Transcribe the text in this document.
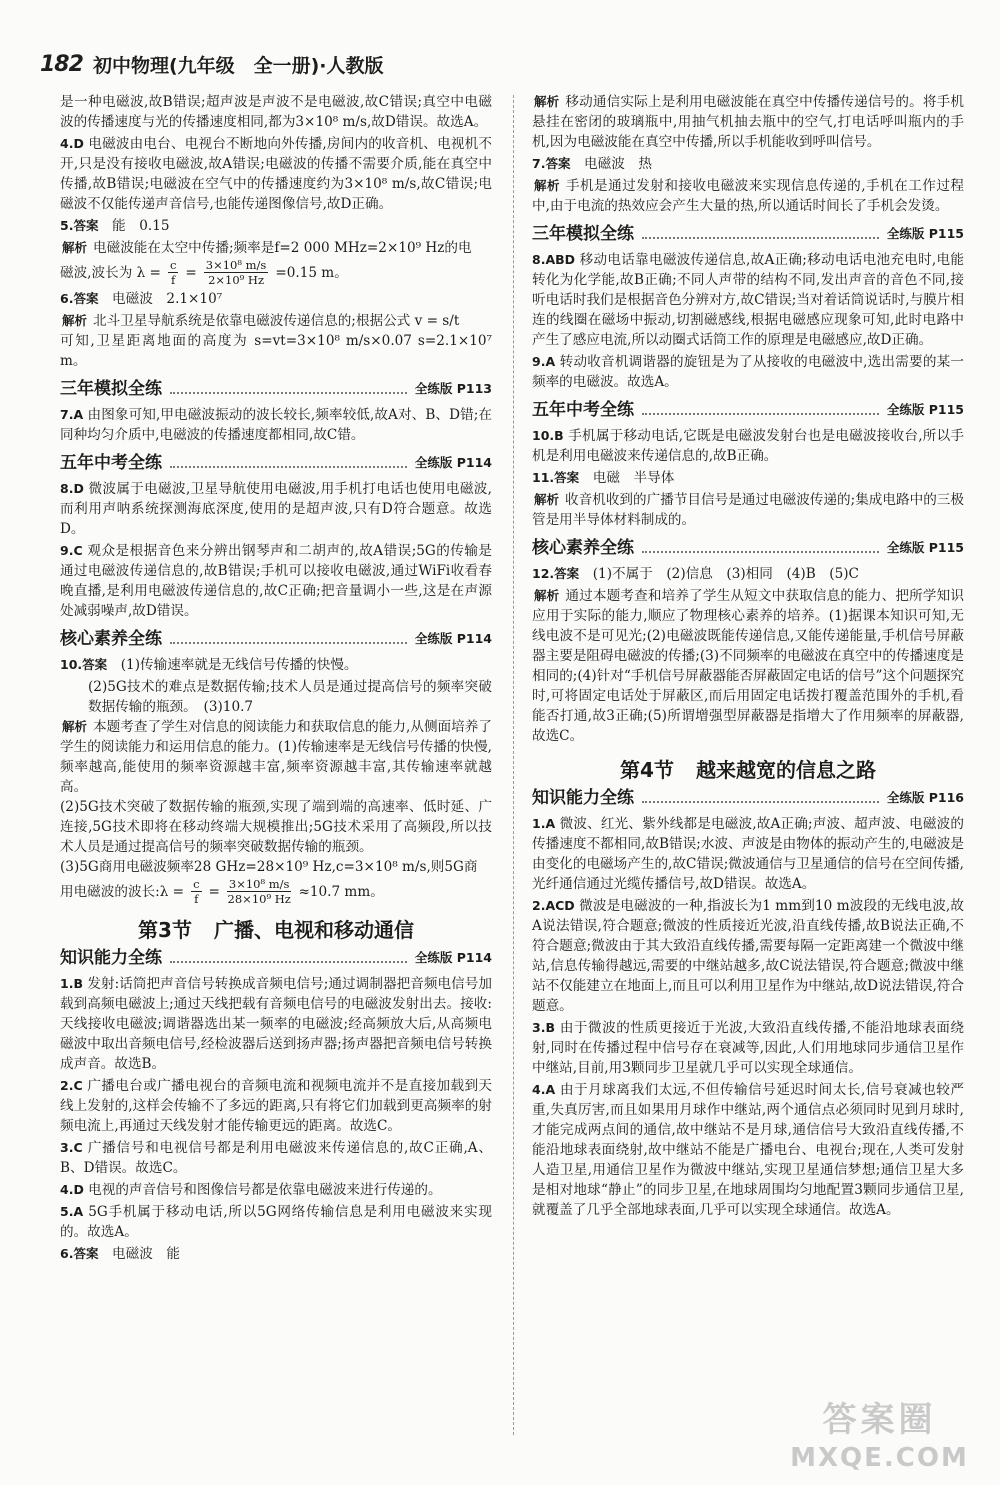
182 初中物理(九年级　全一册)·人教版

是一种电磁波,故B错误;超声波是声波不是电磁波,故C错误;真空中电磁波的传播速度与光的传播速度相同,都为3×10⁸ m/s,故D错误。故选A。

4.D 电磁波由电台、电视台不断地向外传播,房间内的收音机、电视机不开,只是没有接收电磁波,故A错误;电磁波的传播不需要介质,能在真空中传播,故B错误;电磁波在空气中的传播速度约为3×10⁸ m/s,故C错误;电磁波不仅能传递声音信号,也能传递图像信号,故D正确。

5.答案　 能　0.15

解析 电磁波能在太空中传播;频率是f=2 000 MHz=2×10⁹ Hz的电

磁波,波长为 $\lambda = \frac{c}{f} = \frac{\text{3×10⁸ m/s}}{\text{2×10⁹ Hz}} =0.15$ m。

6.答案　 电磁波　2.1×10⁷

解析 北斗卫星导航系统是依靠电磁波传递信息的;根据公式 v = s/t

可知,卫星距离地面的高度为 s=vt=3×10⁸ m/s×0.07 s=2.1×10⁷ m。

三年模拟全练	全练版 P113

7.A 由图象可知,甲电磁波振动的波长较长,频率较低,故A对、B、D错;在同种均匀介质中,电磁波的传播速度都相同,故C错。

五年中考全练	全练版 P114

8.D 微波属于电磁波,卫星导航使用电磁波,用手机打电话也使用电磁波,而利用声呐系统探测海底深度,使用的是超声波,只有D符合题意。故选D。

9.C 观众是根据音色来分辨出钢琴声和二胡声的,故A错误;5G的传输是通过电磁波传递信息的,故B错误;手机可以接收电磁波,通过WiFi收看春晚直播,是利用电磁波传递信息的,故C正确;把音量调小一些,这是在声源处减弱噪声,故D错误。

核心素养全练	全练版 P114

10.答案　 (1)传输速率就是无线信号传播的快慢。

(2)5G技术的难点是数据传输;技术人员是通过提高信号的频率突破数据传输的瓶颈。　(3)10.7

解析 本题考查了学生对信息的阅读能力和获取信息的能力,从侧面培养了学生的阅读能力和运用信息的能力。(1)传输速率是无线信号传播的快慢,频率越高,能使用的频率资源越丰富,频率资源越丰富,其传输速率就越高。

(2)5G技术突破了数据传输的瓶颈,实现了端到端的高速率、低时延、广连接,5G技术即将在移动终端大规模推出;5G技术采用了高频段,所以技术人员是通过提高信号的频率突破数据传输的瓶颈。

(3)5G商用电磁波频率28 GHz=28×10⁹ Hz,c=3×10⁸ m/s,则5G商

用电磁波的波长:λ = $\frac{c}{f} = \frac{\text{3×10⁸ m/s}}{\text{28×10⁹ Hz}} \approx 10.7$ mm。
第3节 广播、电视和移动通信
知识能力全练	全练版 P114

1.B 发射:话筒把声音信号转换成音频电信号;通过调制器把音频电信号加载到高频电磁波上;通过天线把载有音频电信号的电磁波发射出去。接收:天线接收电磁波;调谐器选出某一频率的电磁波;经高频放大后,从高频电磁波中取出音频电信号,经检波器后送到扬声器;扬声器把音频电信号转换成声音。故选B。

2.C 广播电台或广播电视台的音频电流和视频电流并不是直接加载到天线上发射的,这样会传输不了多远的距离,只有将它们加载到更高频率的射频电流上,再通过天线发射才能传输更远的距离。故选C。

3.C 广播信号和电视信号都是利用电磁波来传递信息的,故C正确,A、B、D错误。故选C。

4.D 电视的声音信号和图像信号都是依靠电磁波来进行传递的。

5.A 5G手机属于移动电话,所以5G网络传输信息是利用电磁波来实现的。故选A。

6.答案　 电磁波　能

解析 移动通信实际上是利用电磁波能在真空中传播传递信号的。将手机悬挂在密闭的玻璃瓶中,用抽气机抽去瓶中的空气,打电话呼叫瓶内的手机,因为电磁波能在真空中传播,所以手机能收到呼叫信号。

7.答案　 电磁波　热

解析 手机是通过发射和接收电磁波来实现信息传递的,手机在工作过程中,由于电流的热效应会产生大量的热,所以通话时间长了手机会发烫。

三年模拟全练	全练版 P115

8.ABD 移动电话靠电磁波传递信息,故A正确;移动电话电池充电时,电能转化为化学能,故B正确;不同人声带的结构不同,发出声音的音色不同,接听电话时我们是根据音色分辨对方,故C错误;当对着话筒说话时,与膜片相连的线圈在磁场中振动,切割磁感线,根据电磁感应现象可知,此时电路中产生了感应电流,所以动圈式话筒工作的原理是电磁感应,故D正确。

9.A 转动收音机调谐器的旋钮是为了从接收的电磁波中,选出需要的某一频率的电磁波。故选A。

五年中考全练	全练版 P115

10.B 手机属于移动电话,它既是电磁波发射台也是电磁波接收台,所以手机是利用电磁波来传递信息的,故B正确。

11.答案　 电磁　半导体

解析 收音机收到的广播节目信号是通过电磁波传递的;集成电路中的三极管是用半导体材料制成的。

核心素养全练	全练版 P115

12.答案　 (1)不属于　(2)信息　(3)相同　(4)B　(5)C

解析 通过本题考查和培养了学生从短文中获取信息的能力、把所学知识应用于实际的能力,顺应了物理核心素养的培养。(1)据课本知识可知,无线电波不是可见光;(2)电磁波既能传递信息,又能传递能量,手机信号屏蔽器主要是阻碍电磁波的传播;(3)不同频率的电磁波在真空中的传播速度是相同的;(4)针对“手机信号屏蔽器能否屏蔽固定电话的信号”这个问题探究时,可将固定电话处于屏蔽区,而后用固定电话拨打覆盖范围外的手机,看能否打通,故3正确;(5)所谓增强型屏蔽器是指增大了作用频率的屏蔽器,故选C。

第4节 越来越宽的信息之路
知识能力全练	全练版 P116

1.A 微波、红光、紫外线都是电磁波,故A正确;声波、超声波、电磁波的传播速度不都相同,故B错误;水波、声波是由物体的振动产生的,电磁波是由变化的电磁场产生的,故C错误;微波通信与卫星通信的信号在空间传播,光纤通信通过光缆传播信号,故D错误。故选A。

2.ACD 微波是电磁波的一种,指波长为1 mm到10 m波段的无线电波,故A说法错误,符合题意;微波的性质接近光波,沿直线传播,故B说法正确,不符合题意;微波由于其大致沿直线传播,需要每隔一定距离建一个微波中继站,信息传输得越远,需要的中继站越多,故C说法错误,符合题意;微波中继站不仅能建立在地面上,而且可以利用卫星作为中继站,故D说法错误,符合题意。

3.B 由于微波的性质更接近于光波,大致沿直线传播,不能沿地球表面绕射,同时在传播过程中信号存在衰减等,因此,人们用地球同步通信卫星作中继站,目前,用3颗同步卫星就几乎可以实现全球通信。

4.A 由于月球离我们太远,不但传输信号延迟时间太长,信号衰减也较严重,失真厉害,而且如果用月球作中继站,两个通信点必须同时见到月球时,才能完成两点间的通信,故中继站不是月球,通信信号大致沿直线传播,不能沿地球表面绕射,故中继站不能是广播电台、电视台;现在,人类可发射人造卫星,用通信卫星作为微波中继站,实现卫星通信梦想;通信卫星大多是相对地球“静止”的同步卫星,在地球周围均匀地配置3颗同步通信卫星,就覆盖了几乎全部地球表面,几乎可以实现全球通信。故选A。

答案圈
MXQE.COM
